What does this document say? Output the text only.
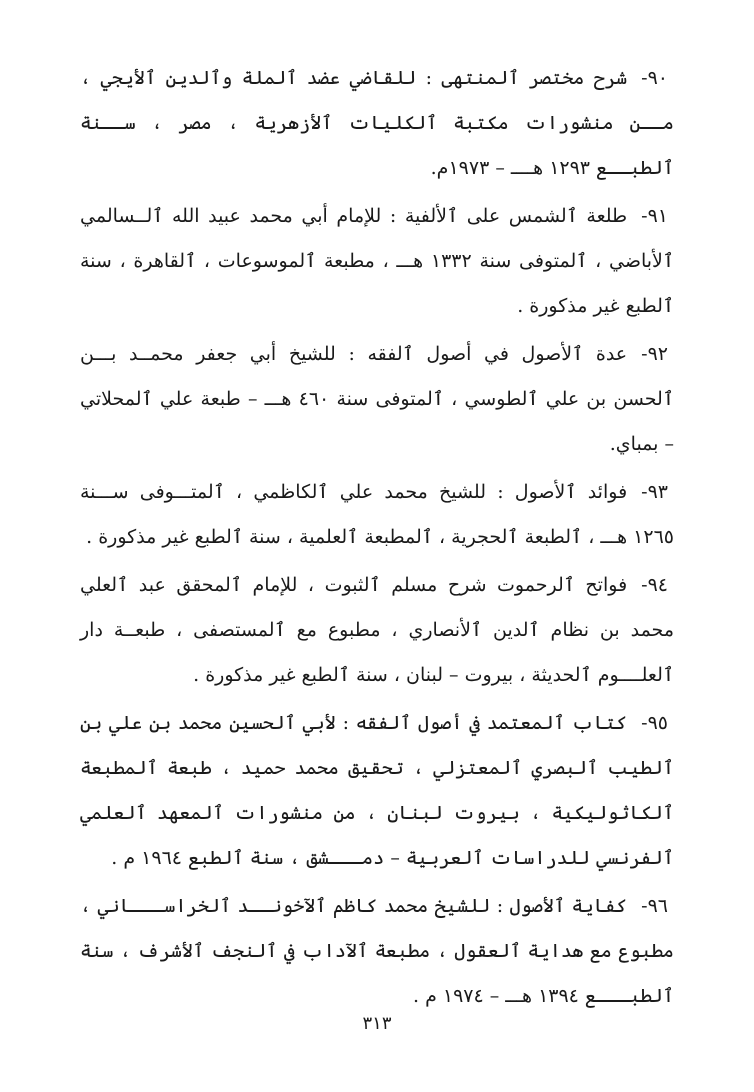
٩٠-شرح مختصر ٱلمنتهى : للقاضي عضد ٱلملة وٱلدين ٱلأيجي ، مــن منشورات مكتبة ٱلكليات ٱلأزهرية ، مصر ، ســنة ٱلطبــع ١٢٩٣ هــــ – ١٩٧٣م.

٩١-طلعة ٱلشمس على ٱلألفية : للإمام أبي محمد عبيد الله ٱلــسالمي ٱلأباضي ، ٱلمتوفى سنة ١٣٣٢ هـــ ، مطبعة ٱلموسوعات ، ٱلقاهرة ، سنة ٱلطبع غير مذكورة .

٩٢-عدة ٱلأصول في أصول ٱلفقه : للشيخ أبي جعفر محمــد بـــن ٱلحسن بن علي ٱلطوسي ، ٱلمتوفى سنة ٤٦٠ هـــ – طبعة علي ٱلمحلاتي – بمباي.

٩٣-فوائد ٱلأصول : للشيخ محمد علي ٱلكاظمي ، ٱلمتـــوفى ســـنة ١٢٦٥ هـــ ، ٱلطبعة ٱلحجرية ، ٱلمطبعة ٱلعلمية ، سنة ٱلطبع غير مذكورة .

٩٤-فواتح ٱلرحموت شرح مسلم ٱلثبوت ، للإمام ٱلمحقق عبد ٱلعلي محمد بن نظام ٱلدين ٱلأنصاري ، مطبوع مع ٱلمستصفى ، طبعــة دار ٱلعلــــوم ٱلحديثة ، بيروت – لبنان ، سنة ٱلطبع غير مذكورة .

٩٥-كتاب ٱلمعتمد في أصول ٱلفقه : لأبي ٱلحسين محمد بن علي بن ٱلطيب ٱلبصري ٱلمعتزلي ، تحقيق محمد حميد ، طبعة ٱلمطبعة ٱلكاثوليكية ، بيروت لبنان ، من منشورات ٱلمعهد ٱلعلمي ٱلفرنسي للدراسات ٱلعربية – دمـــشق ، سنة ٱلطبع ١٩٦٤ م .

٩٦-كفاية ٱلأصول : للشيخ محمد كاظم ٱلآخونــد ٱلخراســـاني ، مطبوع مع هداية ٱلعقول ، مطبعة ٱلآداب في ٱلنجف ٱلأشرف ، سنة ٱلطبـــع ١٣٩٤ هـــ – ١٩٧٤ م .

٣١٣
